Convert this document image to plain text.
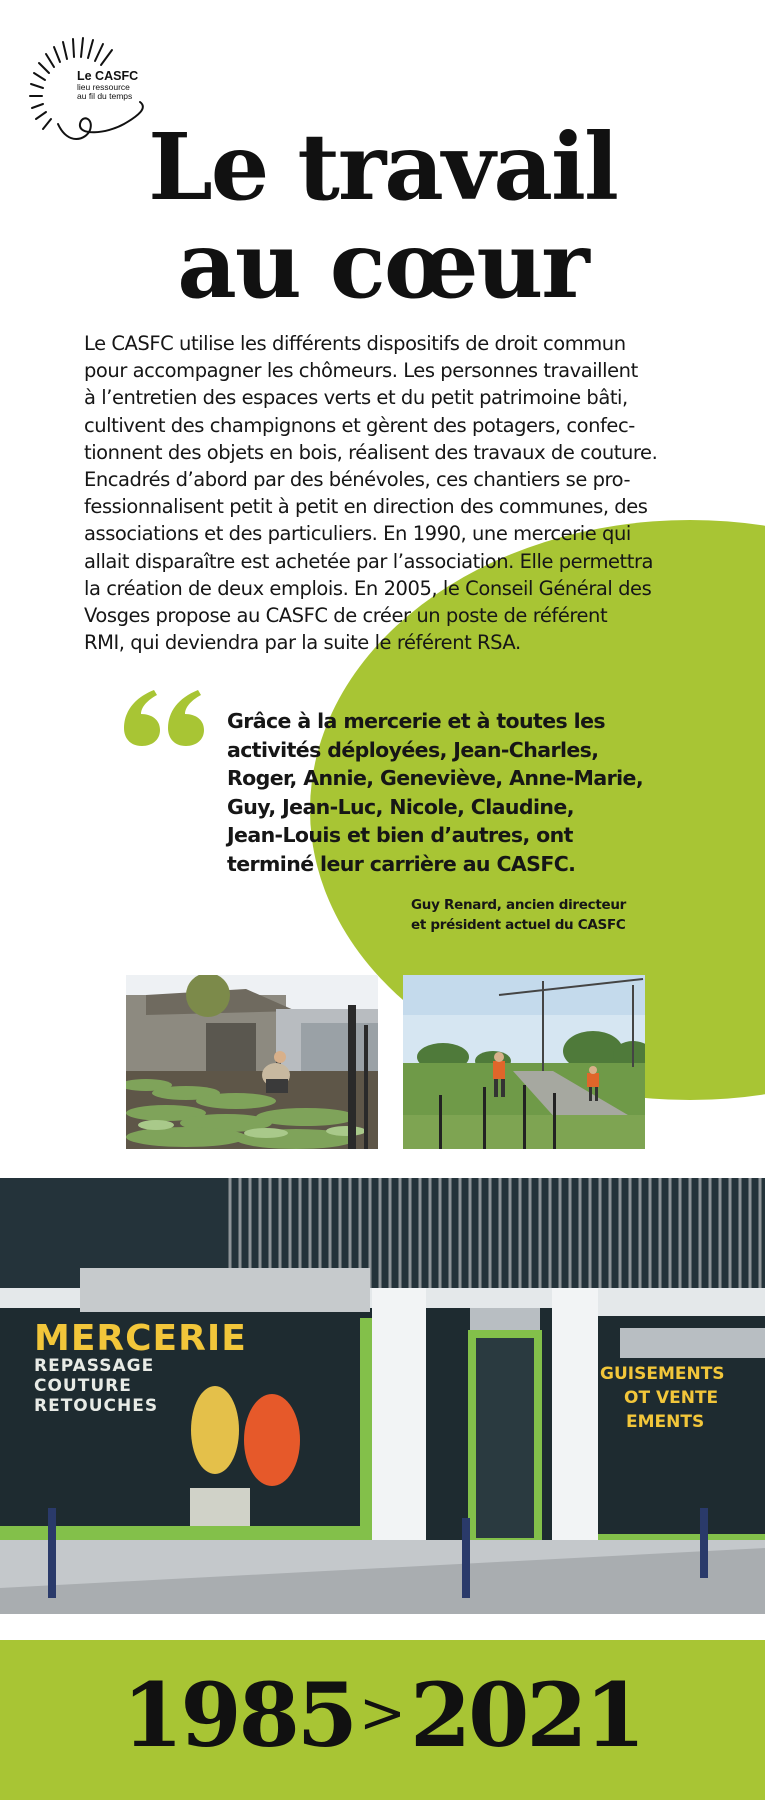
Le CASFC
lieu ressource
au fil du temps
Le travail
au cœur
Le CASFC utilise les différents dispositifs de droit commun
pour accompagner les chômeurs. Les personnes travaillent
à l’entretien des espaces verts et du petit patrimoine bâti,
cultivent des champignons et gèrent des potagers, confec-
tionnent des objets en bois, réalisent des travaux de couture.
Encadrés d’abord par des bénévoles, ces chantiers se pro-
fessionnalisent petit à petit en direction des communes, des
associations et des particuliers. En 1990, une mercerie qui
allait disparaître est achetée par l’association. Elle permettra
la création de deux emplois. En 2005, le Conseil Général des
Vosges propose au CASFC de créer un poste de référent
RMI, qui deviendra par la suite le référent RSA.
Grâce à la mercerie et à toutes les
activités déployées, Jean-Charles,
Roger, Annie, Geneviève, Anne-Marie,
Guy, Jean-Luc, Nicole, Claudine,
Jean-Louis et bien d’autres, ont
terminé leur carrière au CASFC.
Guy Renard, ancien directeur
et président actuel du CASFC
MERCERIE
REPASSAGE
COUTURE
RETOUCHES
GUISEMENTS
OT VENTE
EMENTS
1985>2021
